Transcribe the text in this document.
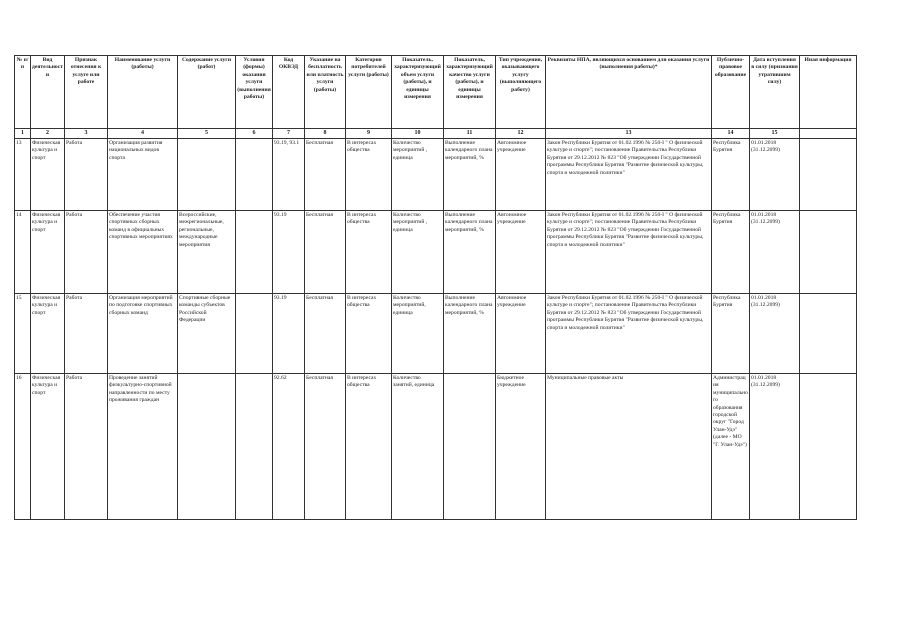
№ п/п	Вид деятельности	Признак отнесения к услуге или работе	Наименование услуги (работы)	Содержание услуги (работ)	Условия (формы) оказания услуги (выполнения работы)	Код ОКВЭД	Указание на бесплатность или платность услуги (работы)	Категория потребителей услуги (работы)	Показатель, характеризующий объем услуги (работы), и единицы измерения	Показатель, характеризующий качество услуги (работы), и единицы измерения	Тип учреждения, оказывающего услугу (выполняющего работу)	Реквизиты НПА, являющихся основанием для оказания услуги (выполнения работы)*	Публично-правовое образование	Дата вступления в силу (признания утратившим силу)	Иная информация
1	2	3	4	5	6	7	8	9	10	11	12	13	14	15	
13	Физическая культура и спорт	Работа	Организация развития национальных видов спорта			93.19, 93.1	Бесплатная	В интересах общества	Количество мероприятий , единица	Выполнение календарного плана мероприятий, %	Автономное учреждение	Закон Республики Бурятия от 01.02.1996 № 250-I " О физической культуре и спорте"; постановление Правительства Республики Бурятия от 29.12.2012 № 823 "Об утверждении Государственной программы Республики Бурятия "Развитие физической культуры, спорта и молодежной политики"	Республика Бурятия	01.01.2018 (31.12.2099)	
14	Физическая культура и спорт	Работа	Обеспечение участия спортивных сборных команд в официальных спортивных мероприятиях	Всероссийские, межрегиональные, региональные, международные мероприятия		93.19	Бесплатная	В интересах общества	Количество мероприятий , единица	Выполнение календарного плана мероприятий, %	Автономное учреждение	Закон Республики Бурятия от 01.02.1996 № 250-I " О физической культуре и спорте"; постановление Правительства Республики Бурятия от 29.12.2012 № 823 "Об утверждении Государственной программы Республики Бурятия "Развитие физической культуры, спорта и молодежной политики"	Республика Бурятия	01.01.2018 (31.12.2099)	
15	Физическая культура и спорт	Работа	Организация мероприятий по подготовке спортивных сборных команд	Спортивные сборные команды субъектов Российской Федерации		93.19	Бесплатная	В интересах общества	Количество мероприятий, единица	Выполнение календарного плана мероприятий, %	Автономное учреждение	Закон Республики Бурятия от 01.02.1996 № 250-I " О физической культуре и спорте"; постановление Правительства Республики Бурятия от 29.12.2012 № 823 "Об утверждении Государственной программы Республики Бурятия "Развитие физической культуры, спорта и молодежной политики"	Республика Бурятия	01.01.2018 (31.12.2099)	
16	Физическая культура и спорт	Работа	Проведение занятий физкультурно-спортивной направленности по месту проживания граждан			92.62	Бесплатная	В интересах общества	Количество занятий, единица		Бюджетное учреждение	Муниципальные правовые акты	Администрация муниципального образования городской округ "Город Улан-Удэ" (далее - МО "Г. Улан-Удэ")	01.01.2018 (31.12.2099)	
